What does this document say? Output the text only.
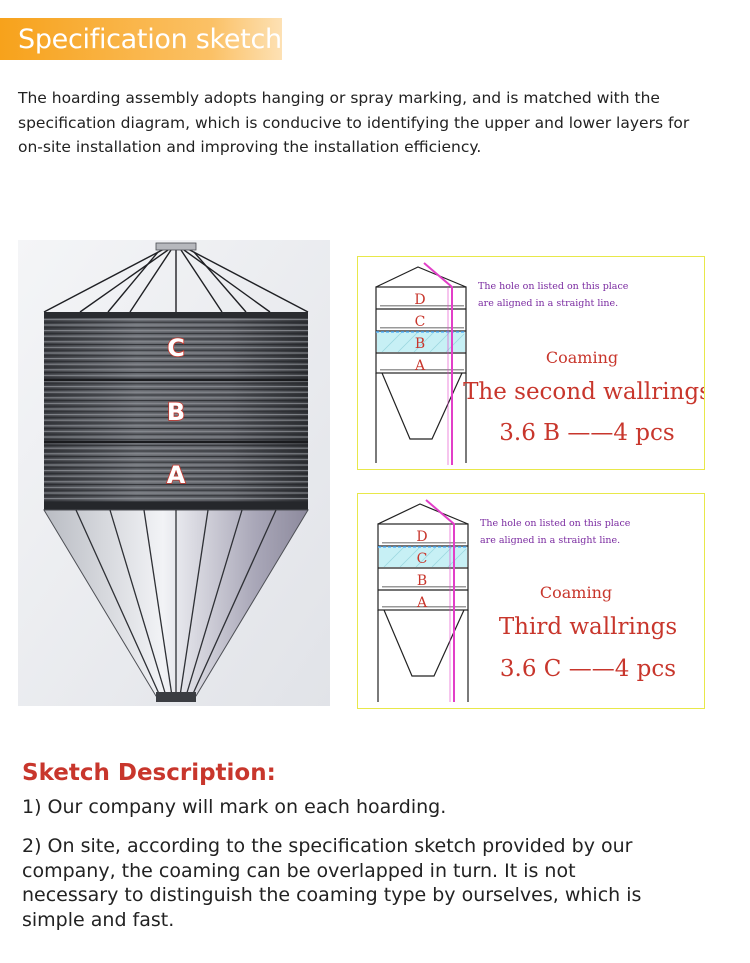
Specification sketch
The hoarding assembly adopts hanging or spray marking, and is matched with the specification diagram, which is conducive to identifying the upper and lower layers for on-site installation and improving the installation efficiency.
C
B
A
D
C
B
A
The hole on listed on this place
are aligned in a straight line.
Coaming
The second wallrings
3.6 B ——4 pcs
D
C
B
A
The hole on listed on this place
are aligned in a straight line.
Coaming
Third wallrings
3.6 C ——4 pcs
Sketch Description:
1) Our company will mark on each hoarding.
2) On site, according to the specification sketch provided by our company, the coaming can be overlapped in turn. It is not necessary to distinguish the coaming type by ourselves, which is simple and fast.
